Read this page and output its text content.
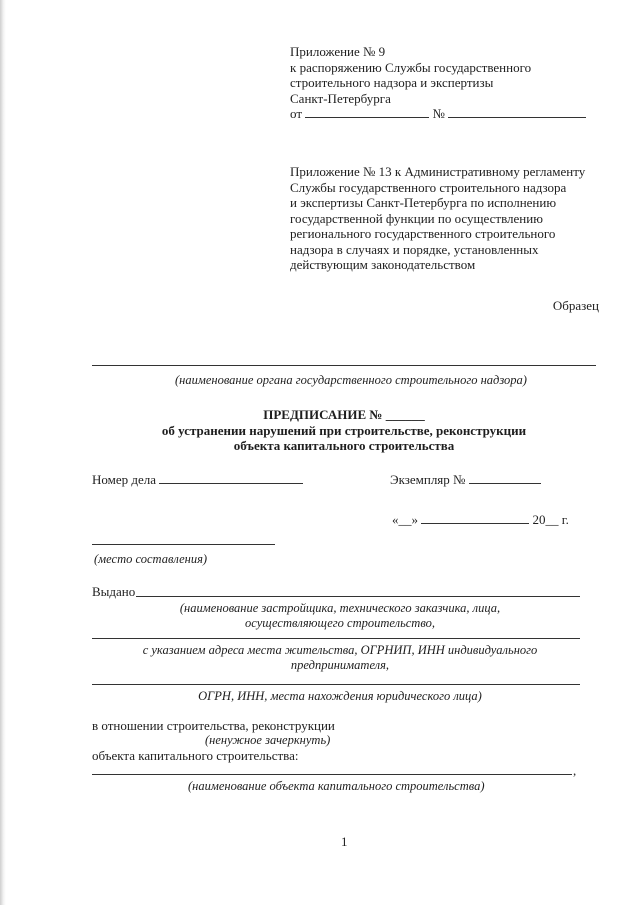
Приложение № 9
к распоряжению Службы государственного
строительного надзора и экспертизы
Санкт-Петербурга
от	№
Приложение № 13 к Административному регламенту
Службы государственного строительного надзора
и экспертизы Санкт-Петербурга по исполнению
государственной функции по осуществлению
регионального государственного строительного
надзора в случаях и порядке, установленных
действующим законодательством
Образец
(наименование органа государственного строительного надзора)
ПРЕДПИСАНИЕ № ______
об устранении нарушений при строительстве, реконструкции
объекта капитального строительства
Номер дела	Экземпляр №
«__»	20__ г.
(место составления)
Выдано
(наименование застройщика, технического заказчика, лица,
осуществляющего строительство,
с указанием адреса места жительства, ОГРНИП, ИНН индивидуального
предпринимателя,
ОГРН, ИНН, места нахождения юридического лица)
в отношении строительства, реконструкции
(ненужное зачеркнуть)
объекта капитального строительства:
,
(наименование объекта капитального строительства)
1
